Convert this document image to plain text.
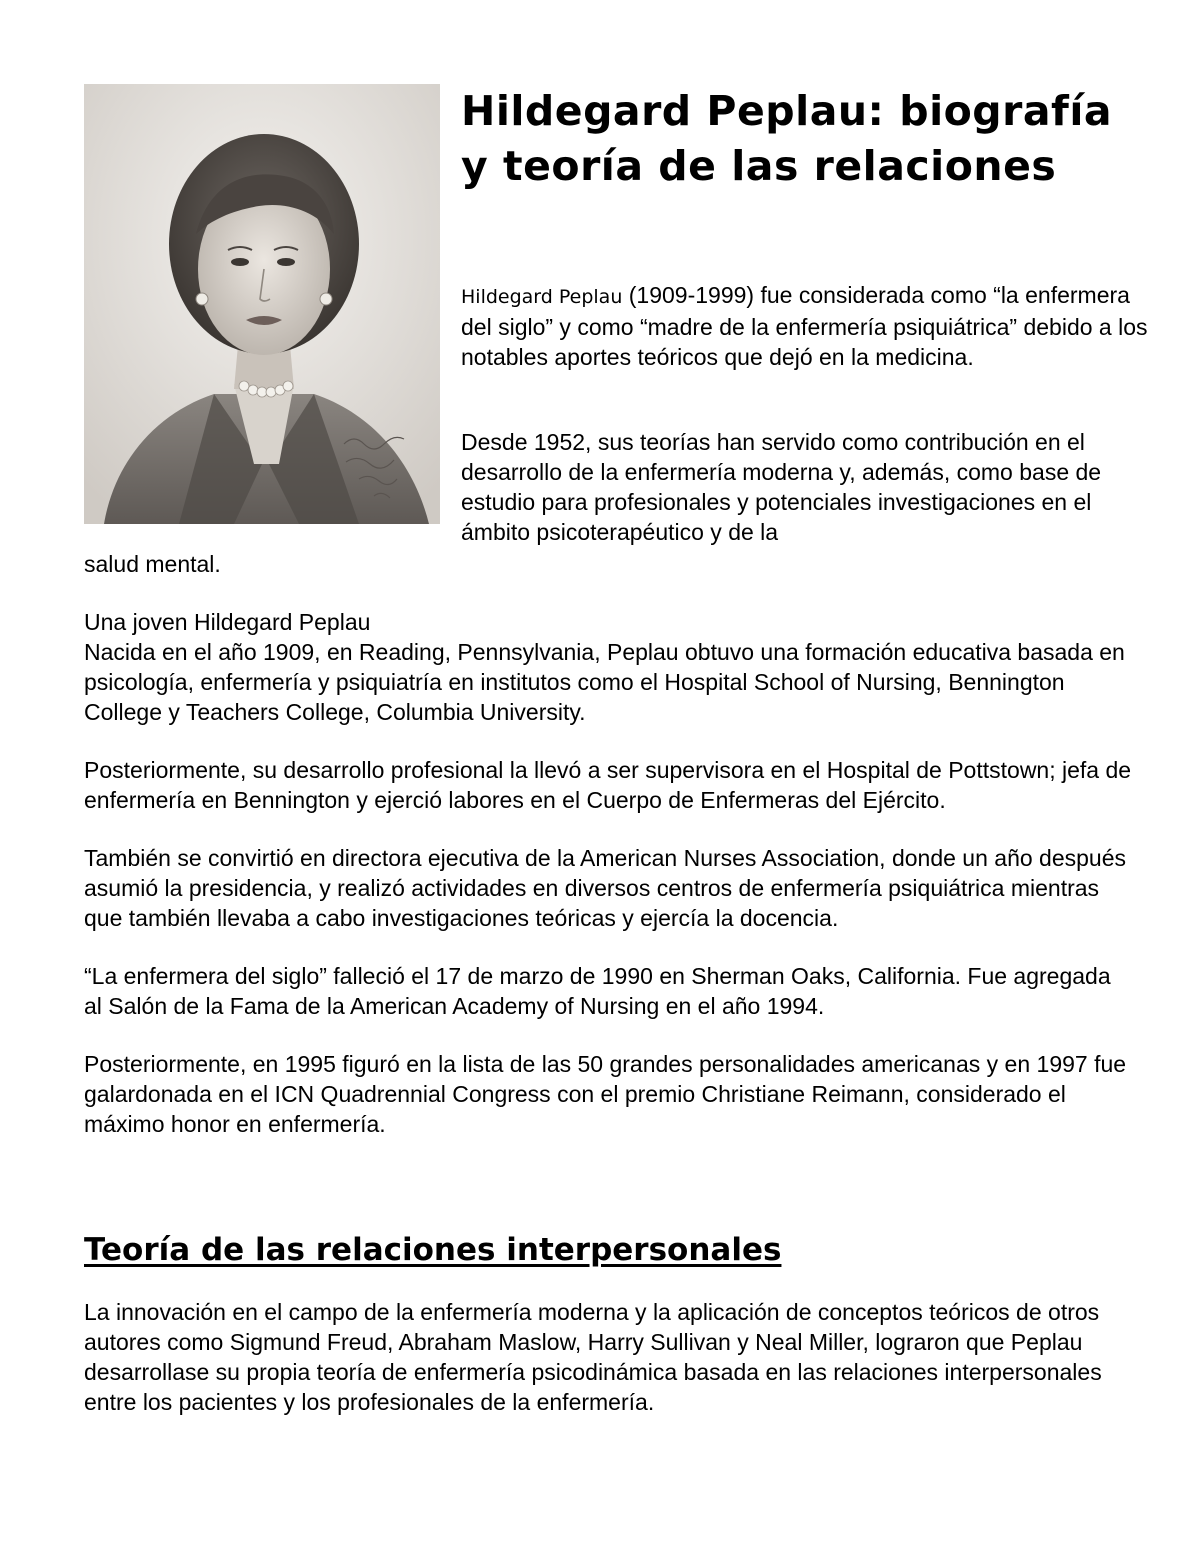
Hildegard Peplau: biografía y teoría de las relaciones

Hildegard Peplau (1909-1999) fue considerada como “la enfermera del siglo” y como “madre de la enfermería psiquiátrica” debido a los notables aportes teóricos que dejó en la medicina.

Desde 1952, sus teorías han servido como contribución en el desarrollo de la enfermería moderna y, además, como base de estudio para profesionales y potenciales investigaciones en el ámbito psicoterapéutico y de la

salud mental.

Una joven Hildegard Peplau

Nacida en el año 1909, en Reading, Pennsylvania, Peplau obtuvo una formación educativa basada en psicología, enfermería y psiquiatría en institutos como el Hospital School of Nursing, Bennington College y Teachers College, Columbia University.

Posteriormente, su desarrollo profesional la llevó a ser supervisora en el Hospital de Pottstown; jefa de enfermería en Bennington y ejerció labores en el Cuerpo de Enfermeras del Ejército.

También se convirtió en directora ejecutiva de la American Nurses Association, donde un año después asumió la presidencia, y realizó actividades en diversos centros de enfermería psiquiátrica mientras que también llevaba a cabo investigaciones teóricas y ejercía la docencia.

“La enfermera del siglo” falleció el 17 de marzo de 1990 en Sherman Oaks, California. Fue agregada al Salón de la Fama de la American Academy of Nursing en el año 1994.

Posteriormente, en 1995 figuró en la lista de las 50 grandes personalidades americanas y en 1997 fue galardonada en el ICN Quadrennial Congress con el premio Christiane Reimann, considerado el máximo honor en enfermería.

Teoría de las relaciones interpersonales

La innovación en el campo de la enfermería moderna y la aplicación de conceptos teóricos de otros autores como Sigmund Freud, Abraham Maslow, Harry Sullivan y Neal Miller, lograron que Peplau desarrollase su propia teoría de enfermería psicodinámica basada en las relaciones interpersonales entre los pacientes y los profesionales de la enfermería.
